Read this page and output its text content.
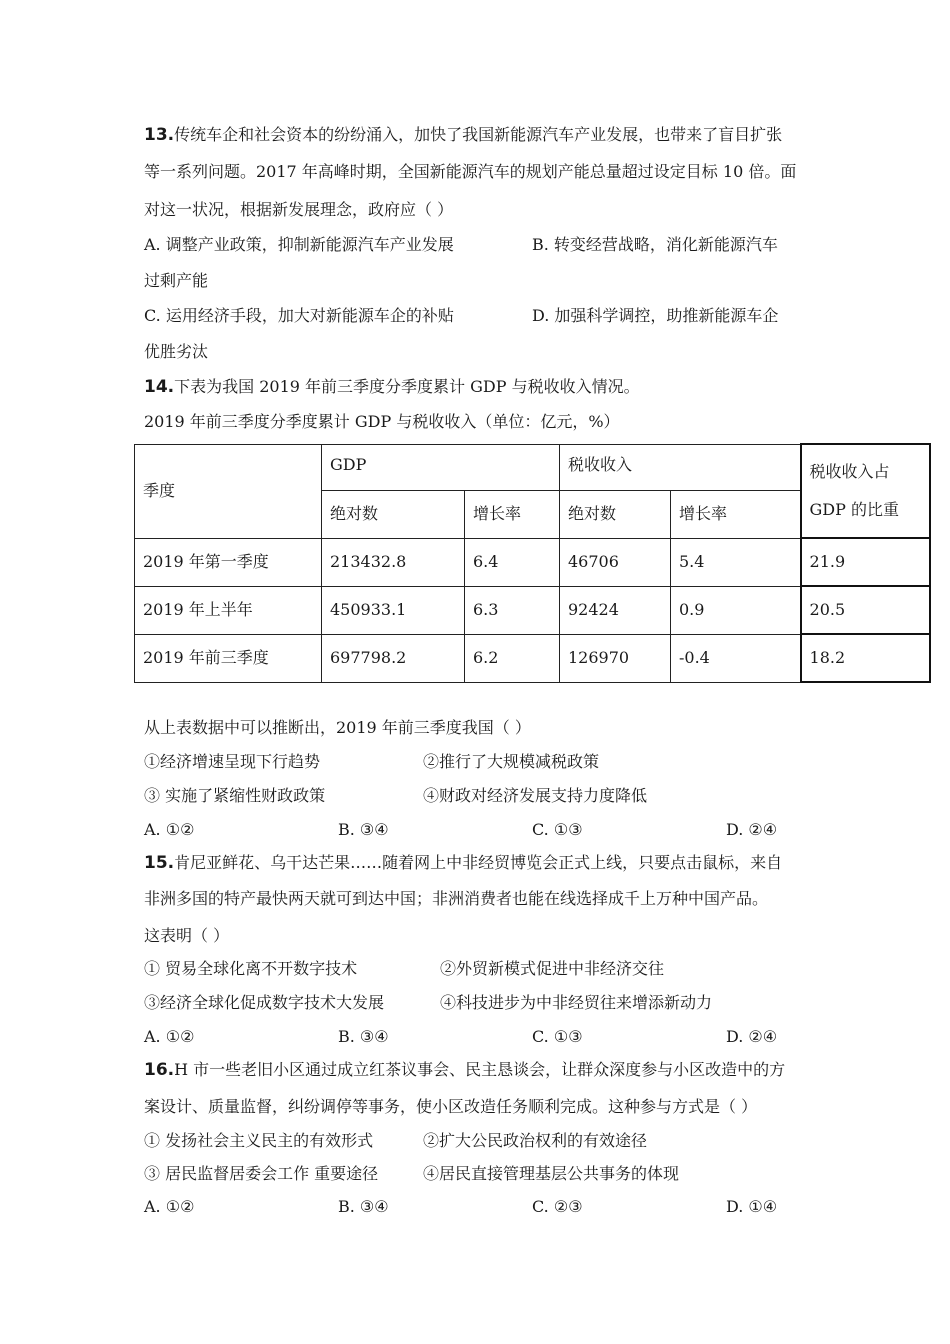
13.传统车企和社会资本的纷纷涌入，加快了我国新能源汽车产业发展，也带来了盲目扩张
等一系列问题。2017 年高峰时期，全国新能源汽车的规划产能总量超过设定目标 10 倍。面
对这一状况，根据新发展理念，政府应（ ）
A. 调整产业政策，抑制新能源汽车产业发展	B. 转变经营战略，消化新能源汽车
过剩产能
C. 运用经济手段，加大对新能源车企的补贴	D. 加强科学调控，助推新能源车企
优胜劣汰
14.下表为我国 2019 年前三季度分季度累计 GDP 与税收收入情况。
2019 年前三季度分季度累计 GDP 与税收收入（单位：亿元，%）
季度	GDP		税收收入		税收收入占
GDP 的比重

	绝对数	增长率	绝对数	增长率	
2019 年第一季度	213432.8	6.4	46706	5.4	21.9
2019 年上半年	450933.1	6.3	92424	0.9	20.5
2019 年前三季度	697798.2	6.2	126970	-0.4	18.2
从上表数据中可以推断出，2019 年前三季度我国（ ）
①经济增速呈现下行趋势	②推行了大规模减税政策
③ 实施了紧缩性财政政策	④财政对经济发展支持力度降低
A. ①②	B. ③④	C. ①③	D. ②④
15.肯尼亚鲜花、乌干达芒果……随着网上中非经贸博览会正式上线，只要点击鼠标，来自
非洲多国的特产最快两天就可到达中国；非洲消费者也能在线选择成千上万种中国产品。
这表明（ ）
① 贸易全球化离不开数字技术	②外贸新模式促进中非经济交往
③经济全球化促成数字技术大发展	④科技进步为中非经贸往来增添新动力
A. ①②	B. ③④	C. ①③	D. ②④
16.H 市一些老旧小区通过成立红茶议事会、民主恳谈会，让群众深度参与小区改造中的方
案设计、质量监督，纠纷调停等事务，使小区改造任务顺利完成。这种参与方式是（ ）
① 发扬社会主义民主的有效形式	②扩大公民政治权利的有效途径
③ 居民监督居委会工作 重要途径	④居民直接管理基层公共事务的体现
A. ①②	B. ③④	C. ②③	D. ①④
